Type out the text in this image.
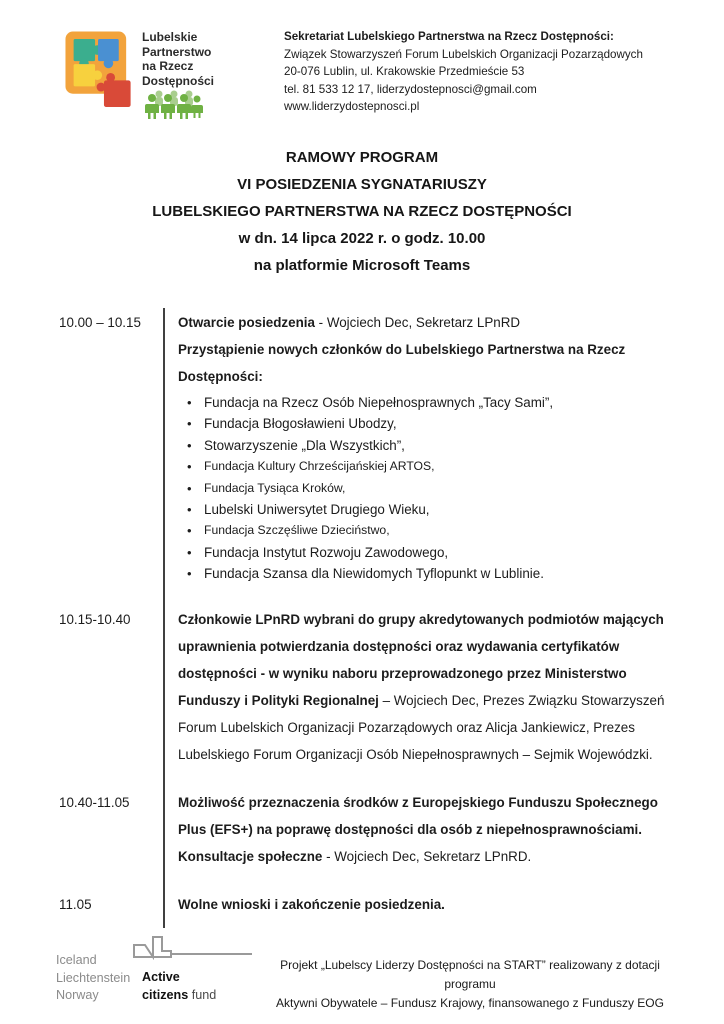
Lubelskie
Partnerstwo
na Rzecz
Dostępności
Sekretariat Lubelskiego Partnerstwa na Rzecz Dostępności:
Związek Stowarzyszeń Forum Lubelskich Organizacji Pozarządowych
20-076 Lublin, ul. Krakowskie Przedmieście 53
tel. 81 533 12 17, liderzydostepnosci@gmail.com
www.liderzydostepnosci.pl
RAMOWY PROGRAM
VI POSIEDZENIA SYGNATARIUSZY
LUBELSKIEGO PARTNERSTWA NA RZECZ DOSTĘPNOŚCI
w dn. 14 lipca 2022 r. o godz. 10.00
na platformie Microsoft Teams
10.00 – 10.15	Otwarcie posiedzenia - Wojciech Dec, Sekretarz LPnRD

Przystąpienie nowych członków do Lubelskiego Partnerstwa na Rzecz Dostępności:

• Fundacja na Rzecz Osób Niepełnosprawnych „Tacy Sami”,
• Fundacja Błogosławieni Ubodzy,
• Stowarzyszenie „Dla Wszystkich”,
• Fundacja Kultury Chrześcijańskiej ARTOS,
• Fundacja Tysiąca Kroków,
• Lubelski Uniwersytet Drugiego Wieku,
• Fundacja Szczęśliwe Dzieciństwo,
• Fundacja Instytut Rozwoju Zawodowego,
• Fundacja Szansa dla Niewidomych Tyflopunkt w Lublinie.
10.15-10.40	Członkowie LPnRD wybrani do grupy akredytowanych podmiotów mających uprawnienia potwierdzania dostępności oraz wydawania certyfikatów dostępności - w wyniku naboru przeprowadzonego przez Ministerstwo Funduszy i Polityki Regionalnej – Wojciech Dec, Prezes Związku Stowarzyszeń Forum Lubelskich Organizacji Pozarządowych oraz Alicja Jankiewicz, Prezes Lubelskiego Forum Organizacji Osób Niepełnosprawnych – Sejmik Wojewódzki.

10.40-11.05	Możliwość przeznaczenia środków z Europejskiego Funduszu Społecznego Plus (EFS+) na poprawę dostępności dla osób z niepełnosprawnościami.

Konsultacje społeczne - Wojciech Dec, Sekretarz LPnRD.

11.05	Wolne wnioski i zakończenie posiedzenia.

Iceland
Liechtenstein
Norway
Active
citizens fund
Projekt „Lubelscy Liderzy Dostępności na START” realizowany z dotacji programu
Aktywni Obywatele – Fundusz Krajowy, finansowanego z Funduszy EOG
